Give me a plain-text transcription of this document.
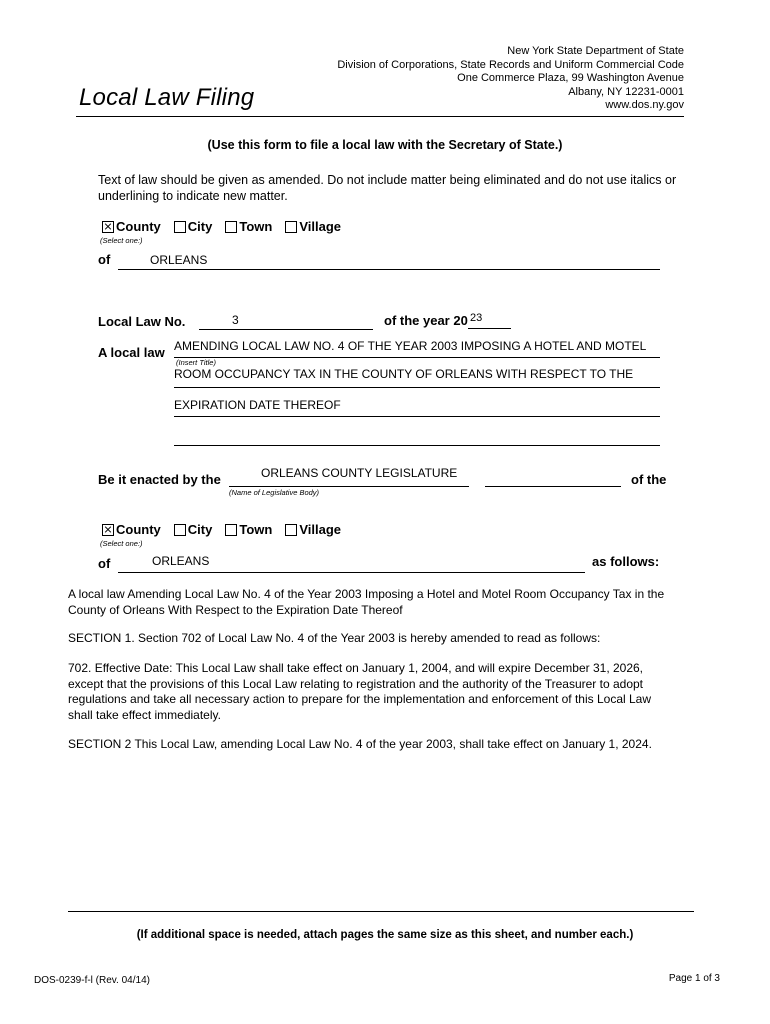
Local Law Filing
New York State Department of State
Division of Corporations, State Records and Uniform Commercial Code
One Commerce Plaza, 99 Washington Avenue
Albany, NY 12231-0001
www.dos.ny.gov
(Use this form to file a local law with the Secretary of State.)
Text of law should be given as amended. Do not include matter being eliminated and do not use italics or underlining to indicate new matter.
County City Town Village
(Select one:)
of	ORLEANS
Local Law No.	3	of the year 20 23
A local law AMENDING LOCAL LAW NO. 4 OF THE YEAR 2003 IMPOSING A HOTEL AND MOTEL
(Insert Title)
ROOM OCCUPANCY TAX IN THE COUNTY OF ORLEANS WITH RESPECT TO THE
EXPIRATION DATE THEREOF
Be it enacted by the	ORLEANS COUNTY LEGISLATURE
(Name of Legislative Body)
of the
County City Town Village
(Select one:)
of	ORLEANS	as follows:
A local law Amending Local Law No. 4 of the Year 2003 Imposing a Hotel and Motel Room Occupancy Tax in the County of Orleans With Respect to the Expiration Date Thereof
SECTION 1. Section 702 of Local Law No. 4 of the Year 2003 is hereby amended to read as follows:
702. Effective Date: This Local Law shall take effect on January 1, 2004, and will expire December 31, 2026, except that the provisions of this Local Law relating to registration and the authority of the Treasurer to adopt regulations and take all necessary action to prepare for the implementation and enforcement of this Local Law shall take effect immediately.
SECTION 2 This Local Law, amending Local Law No. 4 of the year 2003, shall take effect on January 1, 2024.
(If additional space is needed, attach pages the same size as this sheet, and number each.)
DOS-0239-f-l (Rev. 04/14)	Page 1 of 3
